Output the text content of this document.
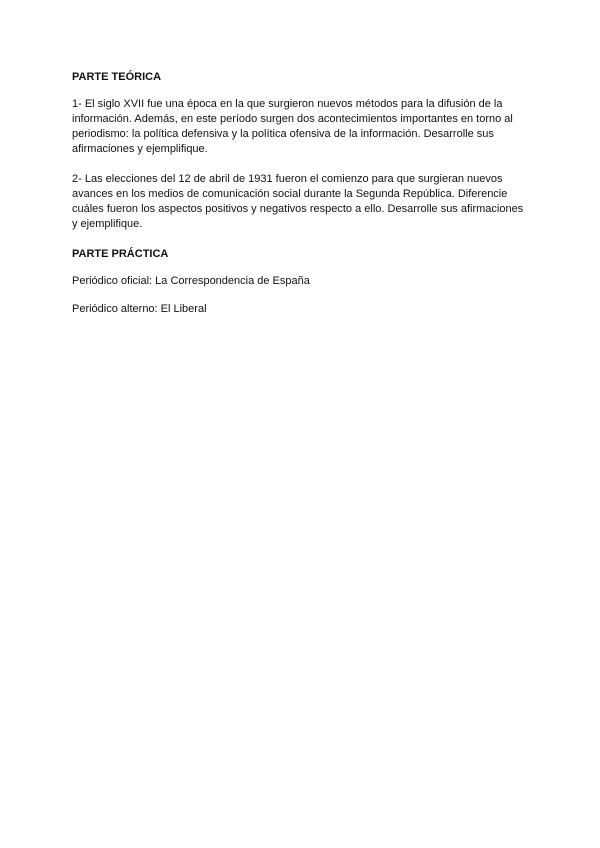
PARTE TEÓRICA

1- El siglo XVII fue una época en la que surgieron nuevos métodos para la difusión de la información. Además, en este período surgen dos acontecimientos importantes en torno al periodismo: la política defensiva y la política ofensiva de la información. Desarrolle sus afirmaciones y ejemplifique.

2- Las elecciones del 12 de abril de 1931 fueron el comienzo para que surgieran nuevos avances en los medios de comunicación social durante la Segunda República. Diferencie cuáles fueron los aspectos positivos y negativos respecto a ello. Desarrolle sus afirmaciones y ejemplifique.

PARTE PRÁCTICA

Periódico oficial: La Correspondencia de España

Periódico alterno: El Liberal
